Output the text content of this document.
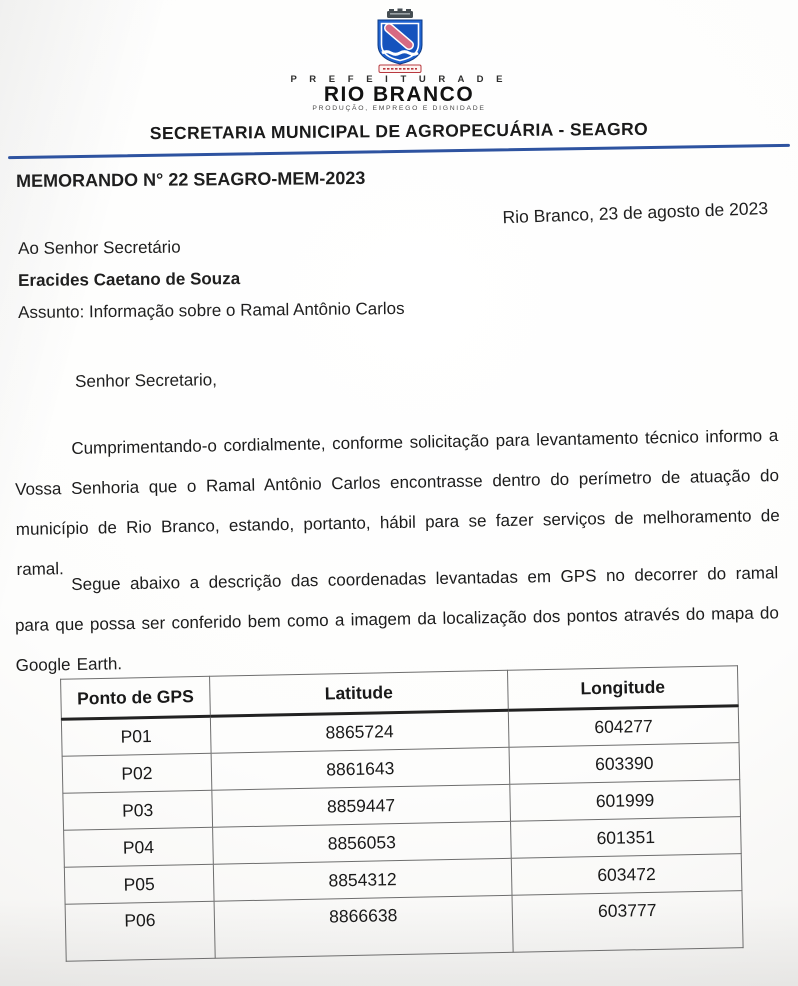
P R E F E I T U R A D E
RIO BRANCO
PRODUÇÃO, EMPREGO E DIGNIDADE
SECRETARIA MUNICIPAL DE AGROPECUÁRIA - SEAGRO
MEMORANDO N° 22 SEAGRO-MEM-2023
Rio Branco, 23 de agosto de 2023
Ao Senhor Secretário
Eracides Caetano de Souza
Assunto: Informação sobre o Ramal Antônio Carlos
Senhor Secretario,

Cumprimentando-o cordialmente, conforme solicitação para levantamento técnico informo a Vossa Senhoria que o Ramal Antônio Carlos encontrasse dentro do perímetro de atuação do município de Rio Branco, estando, portanto, hábil para se fazer serviços de melhoramento de ramal. Segue abaixo a descrição das coordenadas levantadas em GPS no decorrer do ramal para que possa ser conferido bem como a imagem da localização dos pontos através do mapa do Google Earth.

Ponto de GPS	Latitude	Longitude
P01	8865724	604277
P02	8861643	603390
P03	8859447	601999
P04	8856053	601351
P05	8854312	603472
P06	8866638	603777
